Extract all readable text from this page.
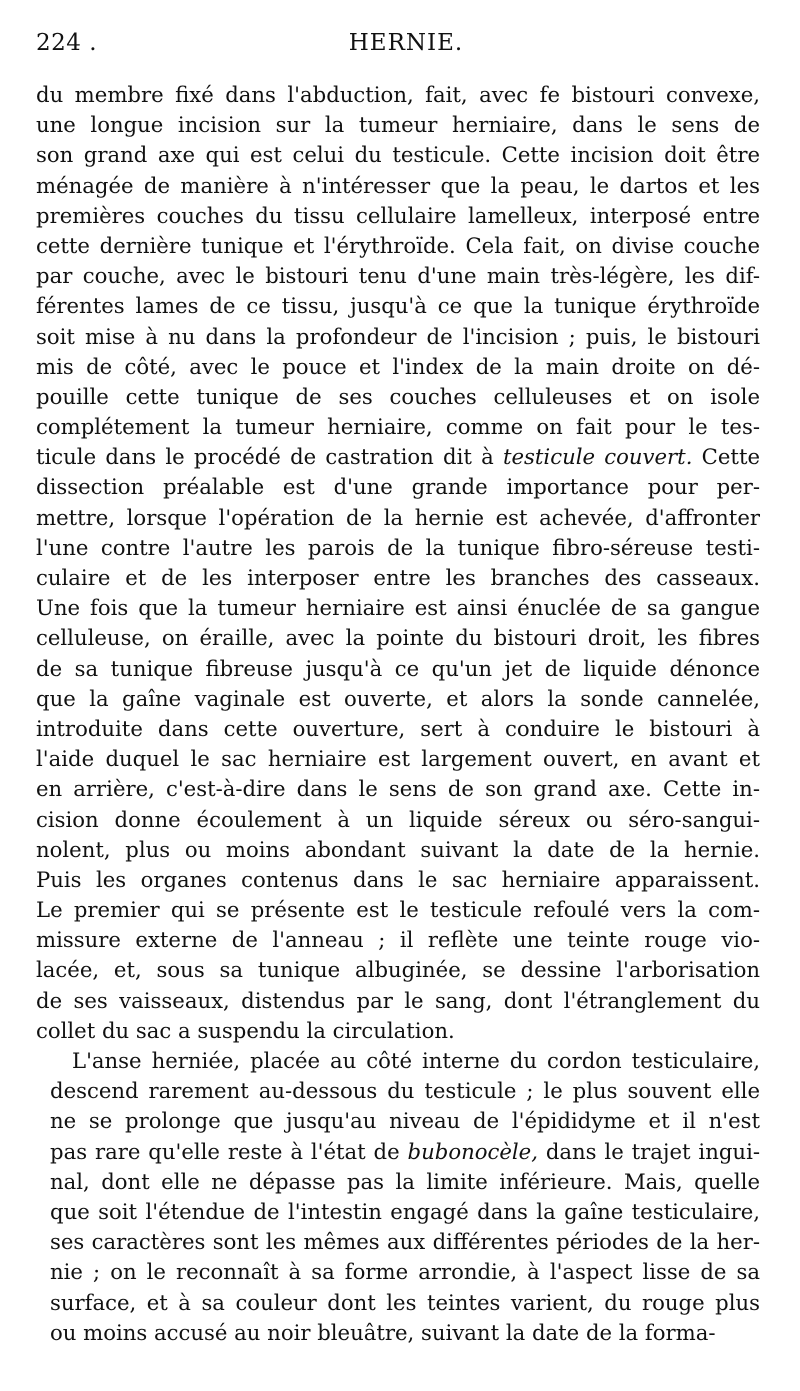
224 .	HERNIE.
du membre fixé dans l'abduction, fait, avec fe bistouri convexe,
une longue incision sur la tumeur herniaire, dans le sens de
son grand axe qui est celui du testicule. Cette incision doit être
ménagée de manière à n'intéresser que la peau, le dartos et les
premières couches du tissu cellulaire lamelleux, interposé entre
cette dernière tunique et l'érythroïde. Cela fait, on divise couche
par couche, avec le bistouri tenu d'une main très-légère, les dif-
férentes lames de ce tissu, jusqu'à ce que la tunique érythroïde
soit mise à nu dans la profondeur de l'incision ; puis, le bistouri
mis de côté, avec le pouce et l'index de la main droite on dé-
pouille cette tunique de ses couches celluleuses et on isole
complétement la tumeur herniaire, comme on fait pour le tes-
ticule dans le procédé de castration dit à testicule couvert. Cette
dissection préalable est d'une grande importance pour per-
mettre, lorsque l'opération de la hernie est achevée, d'affronter
l'une contre l'autre les parois de la tunique fibro-séreuse testi-
culaire et de les interposer entre les branches des casseaux.
Une fois que la tumeur herniaire est ainsi énuclée de sa gangue
celluleuse, on éraille, avec la pointe du bistouri droit, les fibres
de sa tunique fibreuse jusqu'à ce qu'un jet de liquide dénonce
que la gaîne vaginale est ouverte, et alors la sonde cannelée,
introduite dans cette ouverture, sert à conduire le bistouri à
l'aide duquel le sac herniaire est largement ouvert, en avant et
en arrière, c'est-à-dire dans le sens de son grand axe. Cette in-
cision donne écoulement à un liquide séreux ou séro-sangui-
nolent, plus ou moins abondant suivant la date de la hernie.
Puis les organes contenus dans le sac herniaire apparaissent.
Le premier qui se présente est le testicule refoulé vers la com-
missure externe de l'anneau ; il reflète une teinte rouge vio-
lacée, et, sous sa tunique albuginée, se dessine l'arborisation
de ses vaisseaux, distendus par le sang, dont l'étranglement du
collet du sac a suspendu la circulation.
L'anse herniée, placée au côté interne du cordon testiculaire,
descend rarement au-dessous du testicule ; le plus souvent elle
ne se prolonge que jusqu'au niveau de l'épididyme et il n'est
pas rare qu'elle reste à l'état de bubonocèle, dans le trajet ingui-
nal, dont elle ne dépasse pas la limite inférieure. Mais, quelle
que soit l'étendue de l'intestin engagé dans la gaîne testiculaire,
ses caractères sont les mêmes aux différentes périodes de la her-
nie ; on le reconnaît à sa forme arrondie, à l'aspect lisse de sa
surface, et à sa couleur dont les teintes varient, du rouge plus
ou moins accusé au noir bleuâtre, suivant la date de la forma-
